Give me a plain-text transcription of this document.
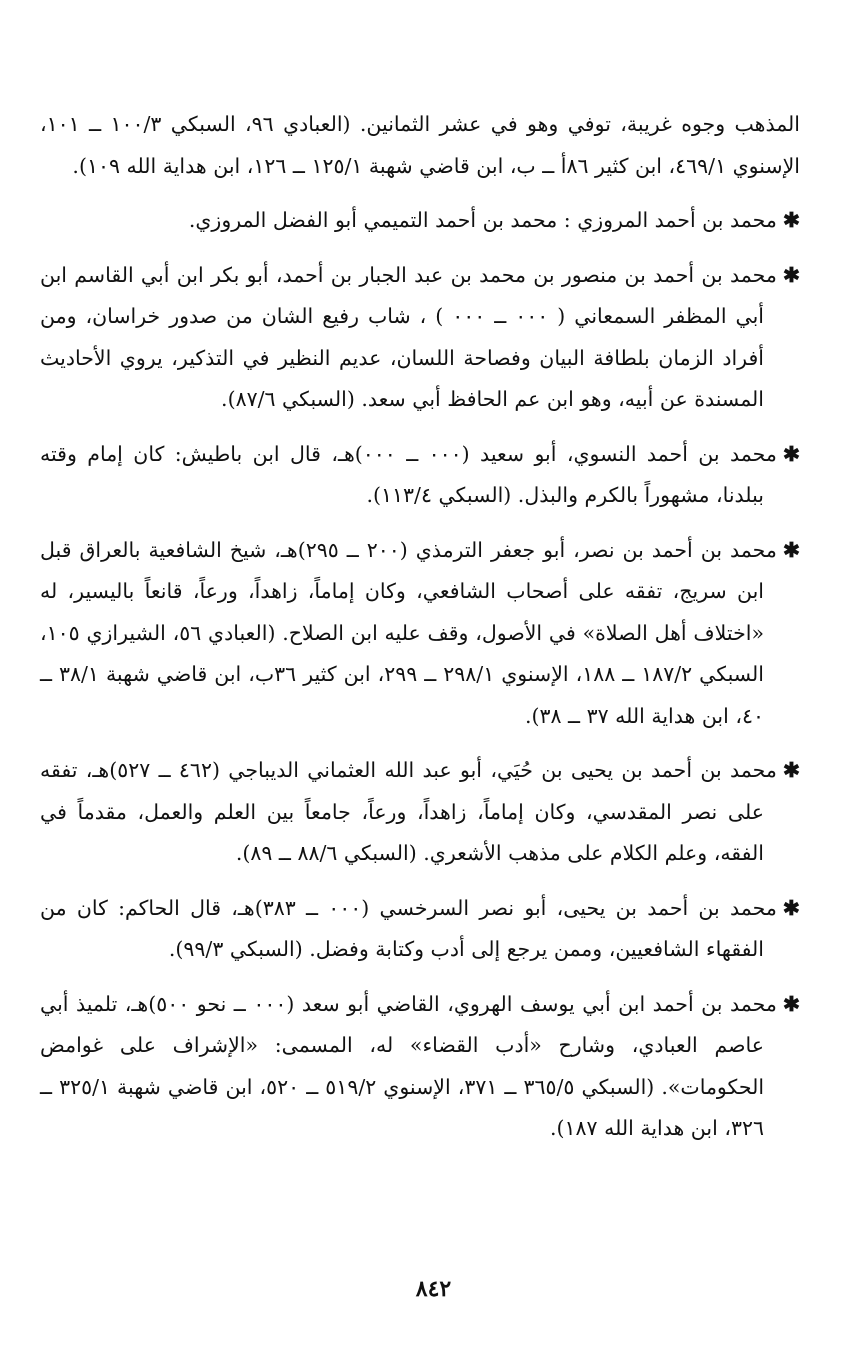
المذهب وجوه غريبة، توفي وهو في عشر الثمانين. (العبادي ٩٦، السبكي ١٠٠/٣ ــ ١٠١، الإسنوي ٤٦٩/١، ابن كثير ٨٦أ ــ ب، ابن قاضي شهبة ١٢٥/١ ــ ١٢٦، ابن هداية الله ١٠٩).

✱محمد بن أحمد المروزي : محمد بن أحمد التميمي أبو الفضل المروزي.

✱محمد بن أحمد بن منصور بن محمد بن عبد الجبار بن أحمد، أبو بكر ابن أبي القاسم ابن أبي المظفر السمعاني ( ٠٠٠ ــ ٠٠٠ ) ، شاب رفيع الشان من صدور خراسان، ومن أفراد الزمان بلطافة البيان وفصاحة اللسان، عديم النظير في التذكير، يروي الأحاديث المسندة عن أبيه، وهو ابن عم الحافظ أبي سعد. (السبكي ٨٧/٦).

✱محمد بن أحمد النسوي، أبو سعيد (٠٠٠ ــ ٠٠٠)هـ، قال ابن باطيش: كان إمام وقته ببلدنا، مشهوراً بالكرم والبذل. (السبكي ١١٣/٤).

✱محمد بن أحمد بن نصر، أبو جعفر الترمذي (٢٠٠ ــ ٢٩٥)هـ، شيخ الشافعية بالعراق قبل ابن سريج، تفقه على أصحاب الشافعي، وكان إماماً، زاهداً، ورعاً، قانعاً باليسير، له «اختلاف أهل الصلاة» في الأصول، وقف عليه ابن الصلاح. (العبادي ٥٦، الشيرازي ١٠٥، السبكي ١٨٧/٢ ــ ١٨٨، الإسنوي ٢٩٨/١ ــ ٢٩٩، ابن كثير ٣٦ب، ابن قاضي شهبة ٣٨/١ ــ ٤٠، ابن هداية الله ٣٧ ــ ٣٨).

✱محمد بن أحمد بن يحيى بن حُيَي، أبو عبد الله العثماني الديباجي (٤٦٢ ــ ٥٢٧)هـ، تفقه على نصر المقدسي، وكان إماماً، زاهداً، ورعاً، جامعاً بين العلم والعمل، مقدماً في الفقه، وعلم الكلام على مذهب الأشعري. (السبكي ٨٨/٦ ــ ٨٩).

✱محمد بن أحمد بن يحيى، أبو نصر السرخسي (٠٠٠ ــ ٣٨٣)هـ، قال الحاكم: كان من الفقهاء الشافعيين، وممن يرجع إلى أدب وكتابة وفضل. (السبكي ٩٩/٣).

✱محمد بن أحمد ابن أبي يوسف الهروي، القاضي أبو سعد (٠٠٠ ــ نحو ٥٠٠)هـ، تلميذ أبي عاصم العبادي، وشارح «أدب القضاء» له، المسمى: «الإشراف على غوامض الحكومات». (السبكي ٣٦٥/٥ ــ ٣٧١، الإسنوي ٥١٩/٢ ــ ٥٢٠، ابن قاضي شهبة ٣٢٥/١ ــ ٣٢٦، ابن هداية الله ١٨٧).

٨٤٢
